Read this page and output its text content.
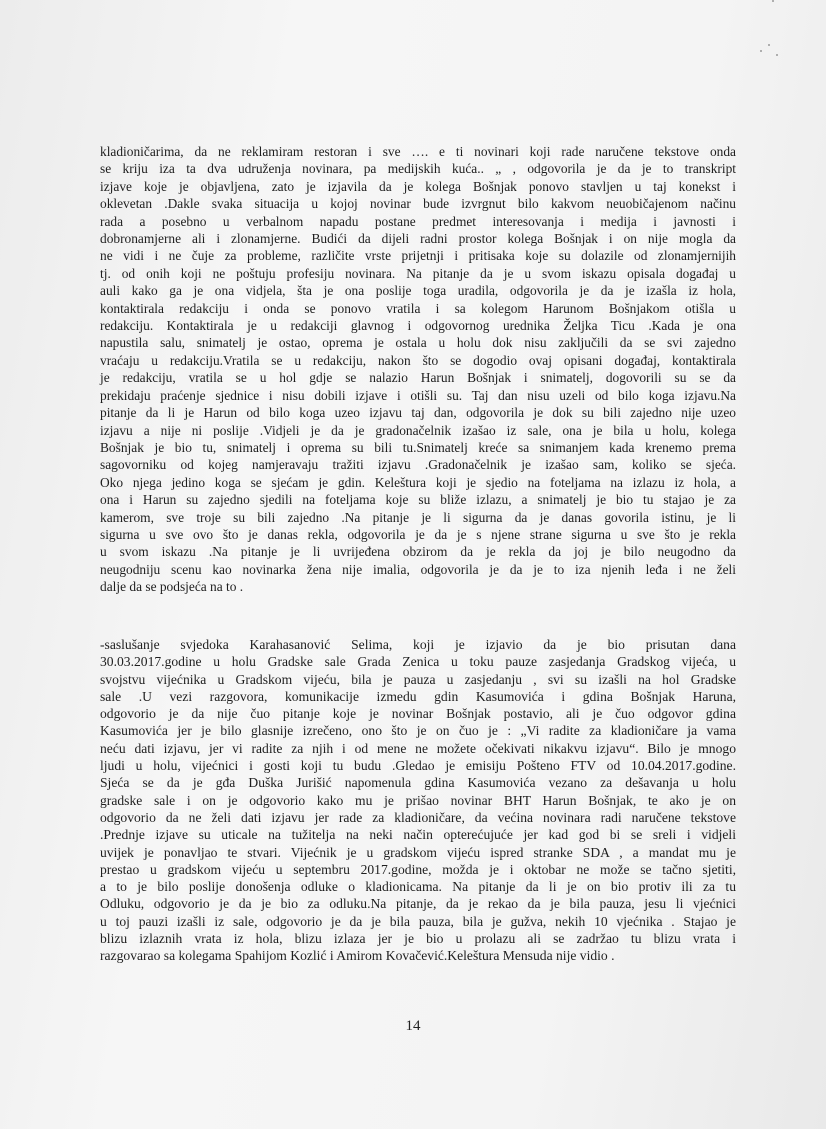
kladioničarima, da ne reklamiram restoran i sve …. e ti novinari koji rade naručene tekstove onda
se kriju iza ta dva udruženja novinara, pa medijskih kuća.. „ , odgovorila je da je to transkript
izjave koje je objavljena, zato je izjavila da je kolega Bošnjak ponovo stavljen u taj konekst i
oklevetan .Dakle svaka situacija u kojoj novinar bude izvrgnut bilo kakvom neuobičajenom načinu
rada a posebno u verbalnom napadu postane predmet interesovanja i medija i javnosti i
dobronamjerne ali i zlonamjerne. Budići da dijeli radni prostor kolega Bošnjak i on nije mogla da
ne vidi i ne čuje za probleme, različite vrste prijetnji i pritisaka koje su dolazile od zlonamjernijih
tj. od onih koji ne poštuju profesiju novinara. Na pitanje da je u svom iskazu opisala događaj u
auli kako ga je ona vidjela, šta je ona poslije toga uradila, odgovorila je da je izašla iz hola,
kontaktirala redakciju i onda se ponovo vratila i sa kolegom Harunom Bošnjakom otišla u
redakciju. Kontaktirala je u redakciji glavnog i odgovornog urednika Željka Ticu .Kada je ona
napustila salu, snimatelj je ostao, oprema je ostala u holu dok nisu zaključili da se svi zajedno
vraćaju u redakciju.Vratila se u redakciju, nakon što se dogodio ovaj opisani događaj, kontaktirala
je redakciju, vratila se u hol gdje se nalazio Harun Bošnjak i snimatelj, dogovorili su se da
prekidaju praćenje sjednice i nisu dobili izjave i otišli su. Taj dan nisu uzeli od bilo koga izjavu.Na
pitanje da li je Harun od bilo koga uzeo izjavu taj dan, odgovorila je dok su bili zajedno nije uzeo
izjavu a nije ni poslije .Vidjeli je da je gradonačelnik izašao iz sale, ona je bila u holu, kolega
Bošnjak je bio tu, snimatelj i oprema su bili tu.Snimatelj kreće sa snimanjem kada krenemo prema
sagovorniku od kojeg namjeravaju tražiti izjavu .Gradonačelnik je izašao sam, koliko se sjeća.
Oko njega jedino koga se sjećam je gdin. Keleštura koji je sjedio na foteljama na izlazu iz hola, a
ona i Harun su zajedno sjedili na foteljama koje su bliže izlazu, a snimatelj je bio tu stajao je za
kamerom, sve troje su bili zajedno .Na pitanje je li sigurna da je danas govorila istinu, je li
sigurna u sve ovo što je danas rekla, odgovorila je da je s njene strane sigurna u sve što je rekla
u svom iskazu .Na pitanje je li uvrijeđena obzirom da je rekla da joj je bilo neugodno da
neugodniju scenu kao novinarka žena nije imalia, odgovorila je da je to iza njenih leđa i ne želi
dalje da se podsjeća na to .
-saslušanje svjedoka Karahasanović Selima, koji je izjavio da je bio prisutan dana
30.03.2017.godine u holu Gradske sale Grada Zenica u toku pauze zasjedanja Gradskog vijeća, u
svojstvu vijećnika u Gradskom vijeću, bila je pauza u zasjedanju , svi su izašli na hol Gradske
sale .U vezi razgovora, komunikacije izmedu gdin Kasumovića i gdina Bošnjak Haruna,
odgovorio je da nije čuo pitanje koje je novinar Bošnjak postavio, ali je čuo odgovor gdina
Kasumovića jer je bilo glasnije izrečeno, ono što je on čuo je : „Vi radite za kladioničare ja vama
neću dati izjavu, jer vi radite za njih i od mene ne možete očekivati nikakvu izjavu“. Bilo je mnogo
ljudi u holu, vijećnici i gosti koji tu budu .Gledao je emisiju Pošteno FTV od 10.04.2017.godine.
Sjeća se da je gđa Duška Jurišić napomenula gdina Kasumovića vezano za dešavanja u holu
gradske sale i on je odgovorio kako mu je prišao novinar BHT Harun Bošnjak, te ako je on
odgovorio da ne želi dati izjavu jer rade za kladioničare, da većina novinara radi naručene tekstove
.Prednje izjave su uticale na tužitelja na neki način opterećujuće jer kad god bi se sreli i vidjeli
uvijek je ponavljao te stvari. Vijećnik je u gradskom vijeću ispred stranke SDA , a mandat mu je
prestao u gradskom vijeću u septembru 2017.godine, možda je i oktobar ne može se tačno sjetiti,
a to je bilo poslije donošenja odluke o kladionicama. Na pitanje da li je on bio protiv ili za tu
Odluku, odgovorio je da je bio za odluku.Na pitanje, da je rekao da je bila pauza, jesu li vjećnici
u toj pauzi izašli iz sale, odgovorio je da je bila pauza, bila je gužva, nekih 10 vjećnika . Stajao je
blizu izlaznih vrata iz hola, blizu izlaza jer je bio u prolazu ali se zadržao tu blizu vrata i
razgovarao sa kolegama Spahijom Kozlić i Amirom Kovačević.Keleštura Mensuda nije vidio .
14
